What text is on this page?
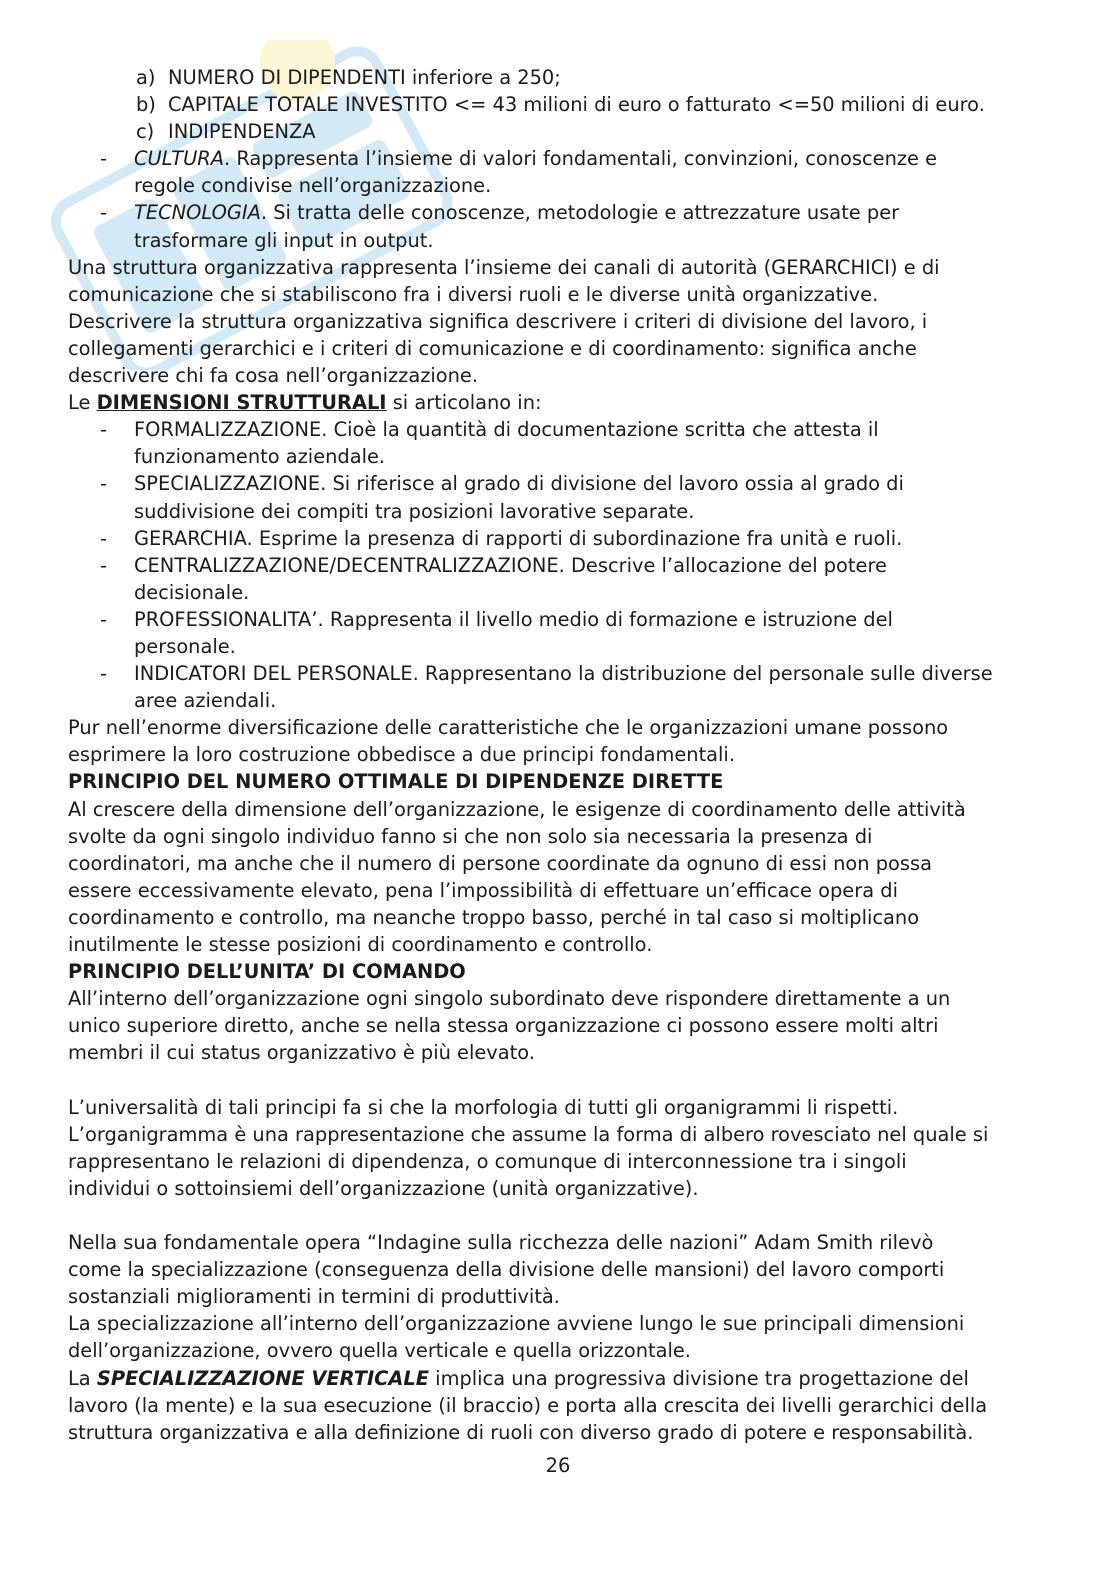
a) NUMERO DI DIPENDENTI inferiore a 250;
b) CAPITALE TOTALE INVESTITO <= 43 milioni di euro o fatturato <=50 milioni di euro.
c) INDIPENDENZA
- CULTURA. Rappresenta l’insieme di valori fondamentali, convinzioni, conoscenze e
regole condivise nell’organizzazione.
- TECNOLOGIA. Si tratta delle conoscenze, metodologie e attrezzature usate per
trasformare gli input in output.
Una struttura organizzativa rappresenta l’insieme dei canali di autorità (GERARCHICI) e di
comunicazione che si stabiliscono fra i diversi ruoli e le diverse unità organizzative.
Descrivere la struttura organizzativa significa descrivere i criteri di divisione del lavoro, i
collegamenti gerarchici e i criteri di comunicazione e di coordinamento: significa anche
descrivere chi fa cosa nell’organizzazione.
Le DIMENSIONI STRUTTURALI si articolano in:
- FORMALIZZAZIONE. Cioè la quantità di documentazione scritta che attesta il
funzionamento aziendale.
- SPECIALIZZAZIONE. Si riferisce al grado di divisione del lavoro ossia al grado di
suddivisione dei compiti tra posizioni lavorative separate.
- GERARCHIA. Esprime la presenza di rapporti di subordinazione fra unità e ruoli.
- CENTRALIZZAZIONE/DECENTRALIZZAZIONE. Descrive l’allocazione del potere
decisionale.
- PROFESSIONALITA’. Rappresenta il livello medio di formazione e istruzione del
personale.
- INDICATORI DEL PERSONALE. Rappresentano la distribuzione del personale sulle diverse
aree aziendali.
Pur nell’enorme diversificazione delle caratteristiche che le organizzazioni umane possono
esprimere la loro costruzione obbedisce a due principi fondamentali.
PRINCIPIO DEL NUMERO OTTIMALE DI DIPENDENZE DIRETTE
Al crescere della dimensione dell’organizzazione, le esigenze di coordinamento delle attività
svolte da ogni singolo individuo fanno si che non solo sia necessaria la presenza di
coordinatori, ma anche che il numero di persone coordinate da ognuno di essi non possa
essere eccessivamente elevato, pena l’impossibilità di effettuare un’efficace opera di
coordinamento e controllo, ma neanche troppo basso, perché in tal caso si moltiplicano
inutilmente le stesse posizioni di coordinamento e controllo.
PRINCIPIO DELL’UNITA’ DI COMANDO
All’interno dell’organizzazione ogni singolo subordinato deve rispondere direttamente a un
unico superiore diretto, anche se nella stessa organizzazione ci possono essere molti altri
membri il cui status organizzativo è più elevato.
L’universalità di tali principi fa si che la morfologia di tutti gli organigrammi li rispetti.
L’organigramma è una rappresentazione che assume la forma di albero rovesciato nel quale si
rappresentano le relazioni di dipendenza, o comunque di interconnessione tra i singoli
individui o sottoinsiemi dell’organizzazione (unità organizzative).
Nella sua fondamentale opera “Indagine sulla ricchezza delle nazioni” Adam Smith rilevò
come la specializzazione (conseguenza della divisione delle mansioni) del lavoro comporti
sostanziali miglioramenti in termini di produttività.
La specializzazione all’interno dell’organizzazione avviene lungo le sue principali dimensioni
dell’organizzazione, ovvero quella verticale e quella orizzontale.
La SPECIALIZZAZIONE VERTICALE implica una progressiva divisione tra progettazione del
lavoro (la mente) e la sua esecuzione (il braccio) e porta alla crescita dei livelli gerarchici della
struttura organizzativa e alla definizione di ruoli con diverso grado di potere e responsabilità.
26
